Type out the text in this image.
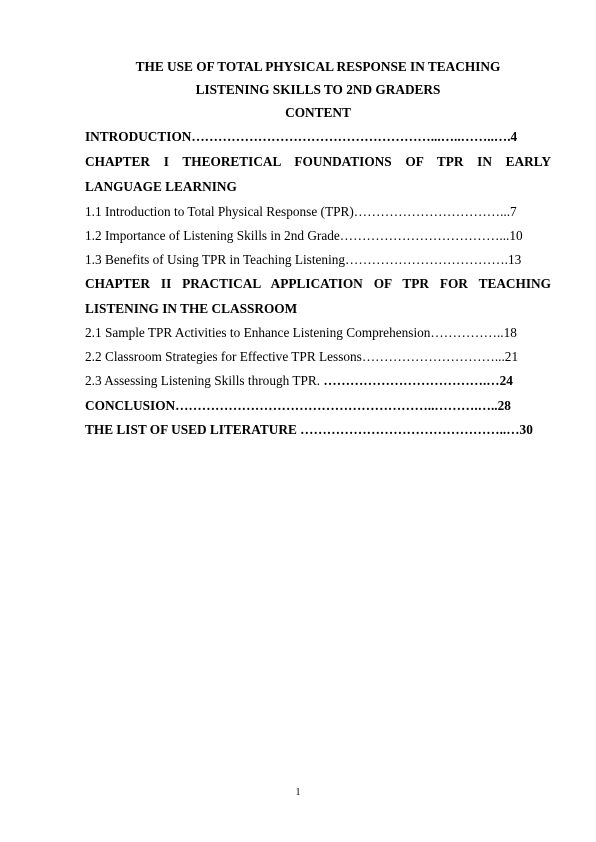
THE USE OF TOTAL PHYSICAL RESPONSE IN TEACHING
LISTENING SKILLS TO 2ND GRADERS
CONTENT
INTRODUCTION………………………………………………...…..……..….4
CHAPTER I THEORETICAL FOUNDATIONS OF TPR IN EARLY
LANGUAGE LEARNING
1.1 Introduction to Total Physical Response (TPR)……………………………...7
1.2 Importance of Listening Skills in 2nd Grade………………………………...10
1.3 Benefits of Using TPR in Teaching Listening……………………………….13
CHAPTER II PRACTICAL APPLICATION OF TPR FOR TEACHING
LISTENING IN THE CLASSROOM
2.1 Sample TPR Activities to Enhance Listening Comprehension……………..18
2.2 Classroom Strategies for Effective TPR Lessons…………………………...21
2.3 Assessing Listening Skills through TPR. ……………………………….…24
CONCLUSION…………………………………………………..……….…..28
THE LIST OF USED LITERATURE ………………………………………..…30
1
